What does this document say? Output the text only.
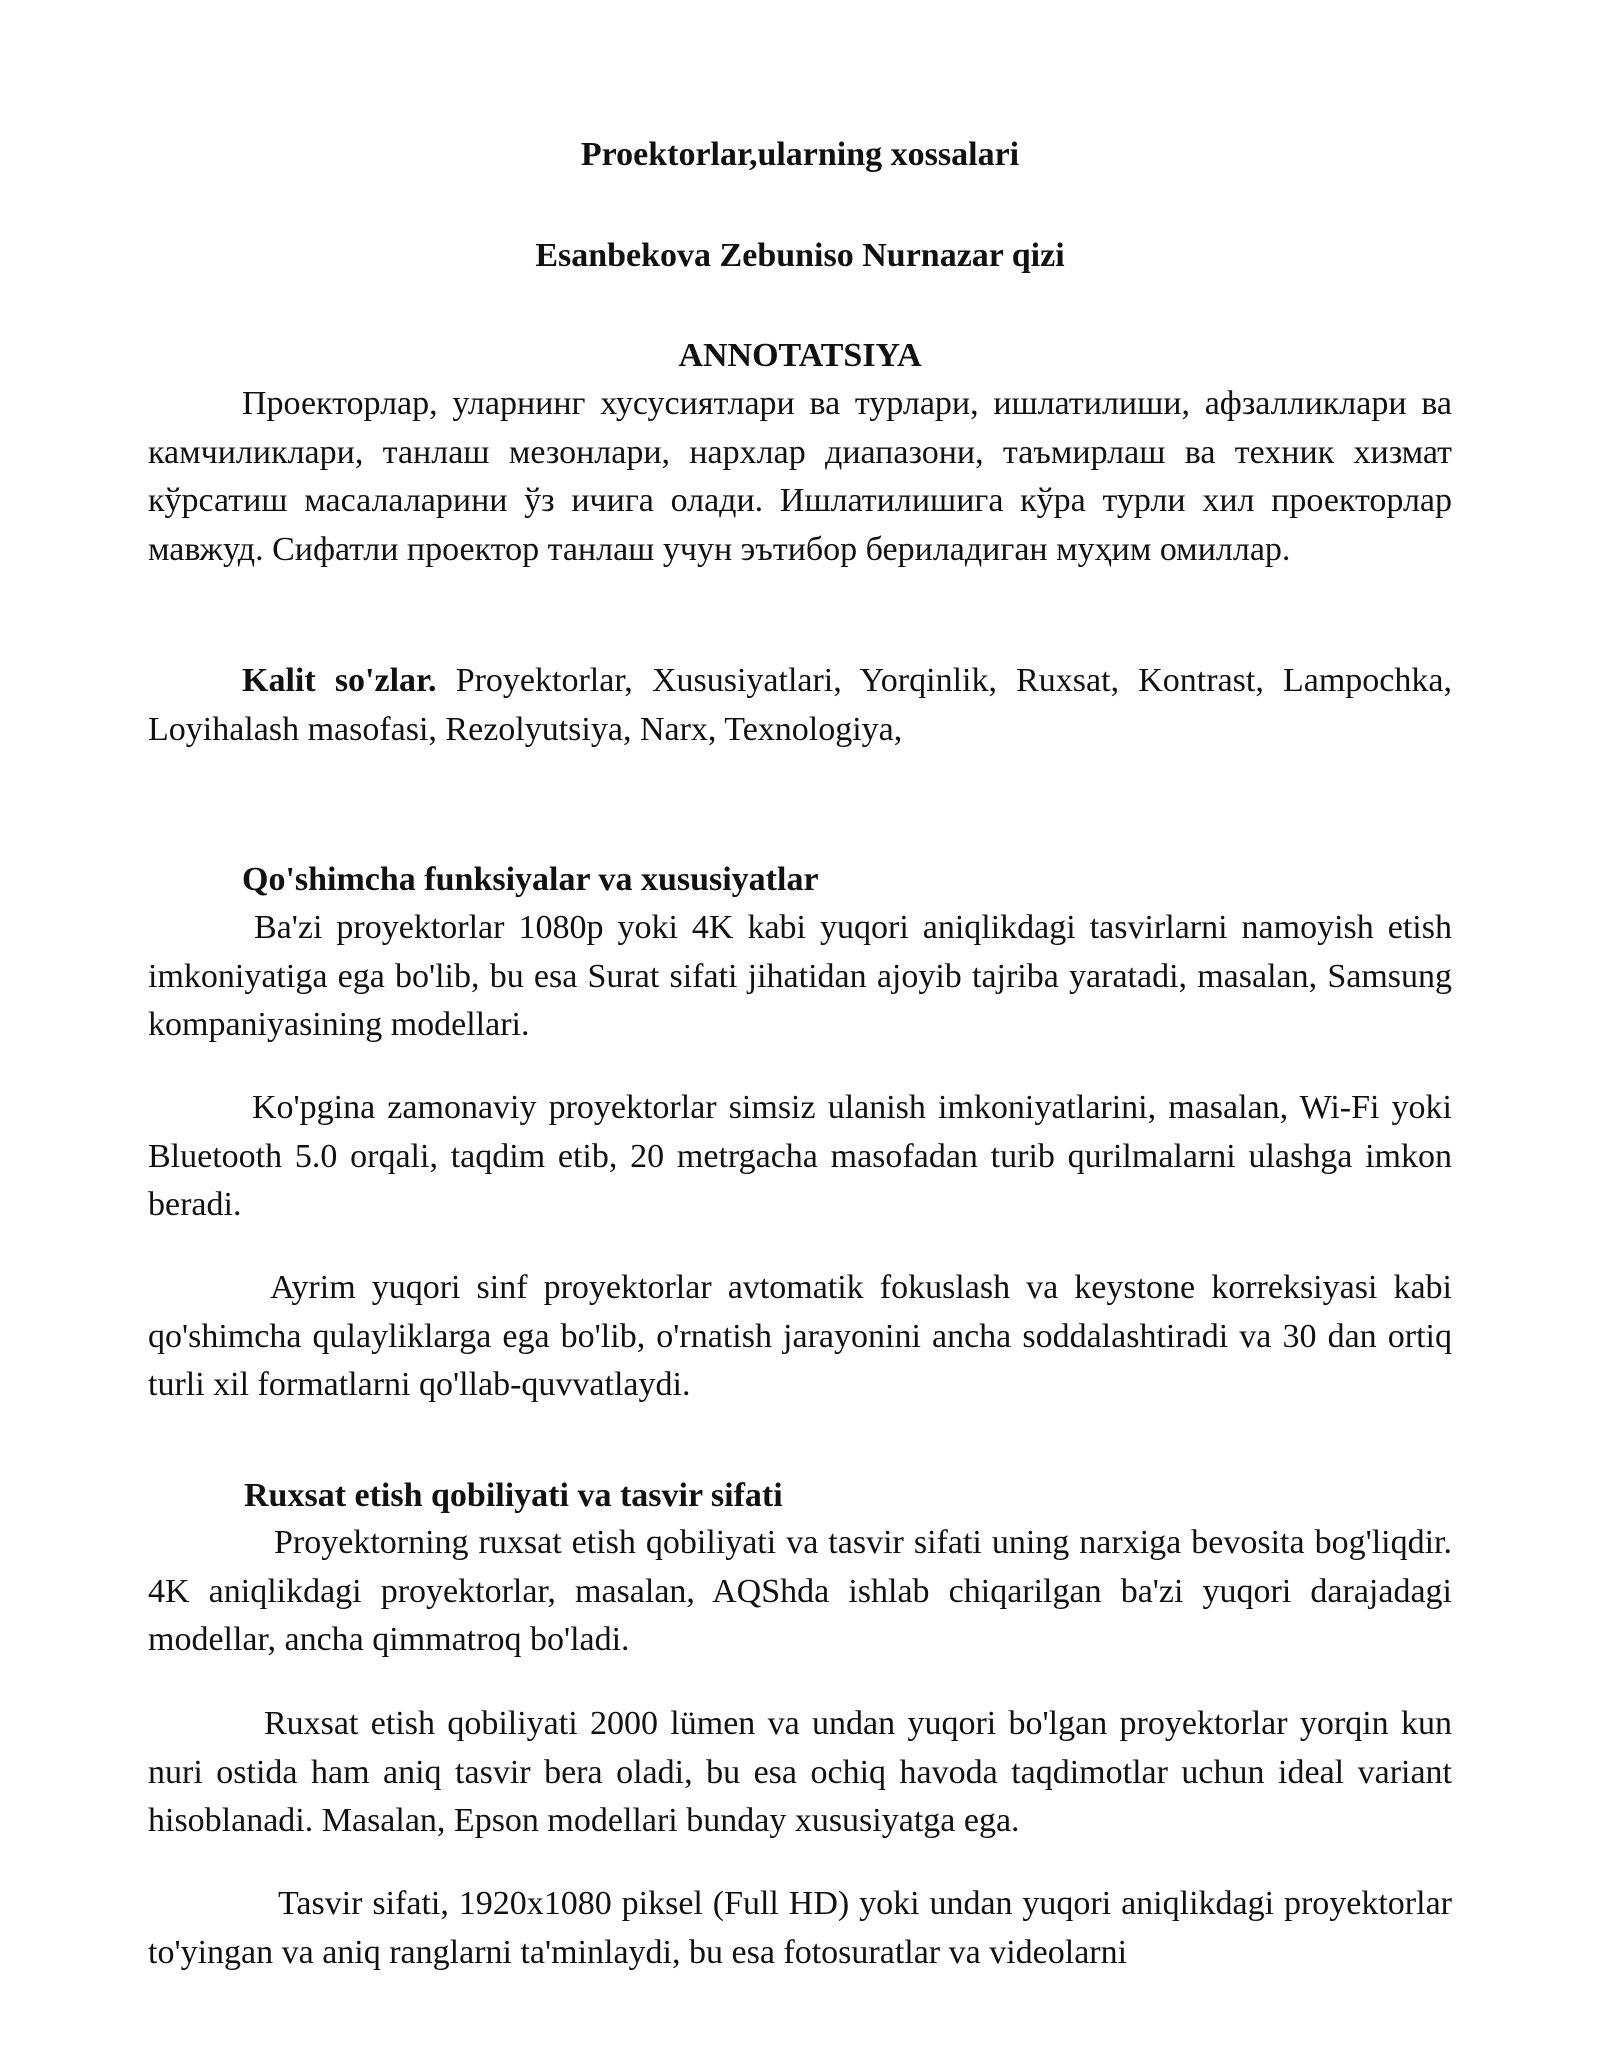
Proektorlar,ularning xossalari
Esanbekova Zebuniso Nurnazar qizi
ANNOTATSIYA
Проекторлар, уларнинг хусусиятлари ва турлари, ишлатилиши, афзалликлари ва камчиликлари, танлаш мезонлари, нархлар диапазони, таъмирлаш ва техник хизмат кўрсатиш масалаларини ўз ичига олади. Ишлатилишига кўра турли хил проекторлар мавжуд. Сифатли проектор танлаш учун эътибор бериладиган муҳим омиллар.
Kalit so'zlar. Proyektorlar, Xususiyatlari, Yorqinlik, Ruxsat, Kontrast, Lampochka, Loyihalash masofasi, Rezolyutsiya, Narx, Texnologiya,
Qo'shimcha funksiyalar va xususiyatlar
Ba'zi proyektorlar 1080p yoki 4K kabi yuqori aniqlikdagi tasvirlarni namoyish etish imkoniyatiga ega bo'lib, bu esa Surat sifati jihatidan ajoyib tajriba yaratadi, masalan, Samsung kompaniyasining modellari.
Ko'pgina zamonaviy proyektorlar simsiz ulanish imkoniyatlarini, masalan, Wi-Fi yoki Bluetooth 5.0 orqali, taqdim etib, 20 metrgacha masofadan turib qurilmalarni ulashga imkon beradi.
Ayrim yuqori sinf proyektorlar avtomatik fokuslash va keystone korreksiyasi kabi qo'shimcha qulayliklarga ega bo'lib, o'rnatish jarayonini ancha soddalashtiradi va 30 dan ortiq turli xil formatlarni qo'llab-quvvatlaydi.
Ruxsat etish qobiliyati va tasvir sifati
Proyektorning ruxsat etish qobiliyati va tasvir sifati uning narxiga bevosita bog'liqdir. 4K aniqlikdagi proyektorlar, masalan, AQShda ishlab chiqarilgan ba'zi yuqori darajadagi modellar, ancha qimmatroq bo'ladi.
Ruxsat etish qobiliyati 2000 lümen va undan yuqori bo'lgan proyektorlar yorqin kun nuri ostida ham aniq tasvir bera oladi, bu esa ochiq havoda taqdimotlar uchun ideal variant hisoblanadi. Masalan, Epson modellari bunday xususiyatga ega.
Tasvir sifati, 1920x1080 piksel (Full HD) yoki undan yuqori aniqlikdagi proyektorlar to'yingan va aniq ranglarni ta'minlaydi, bu esa fotosuratlar va videolarni
